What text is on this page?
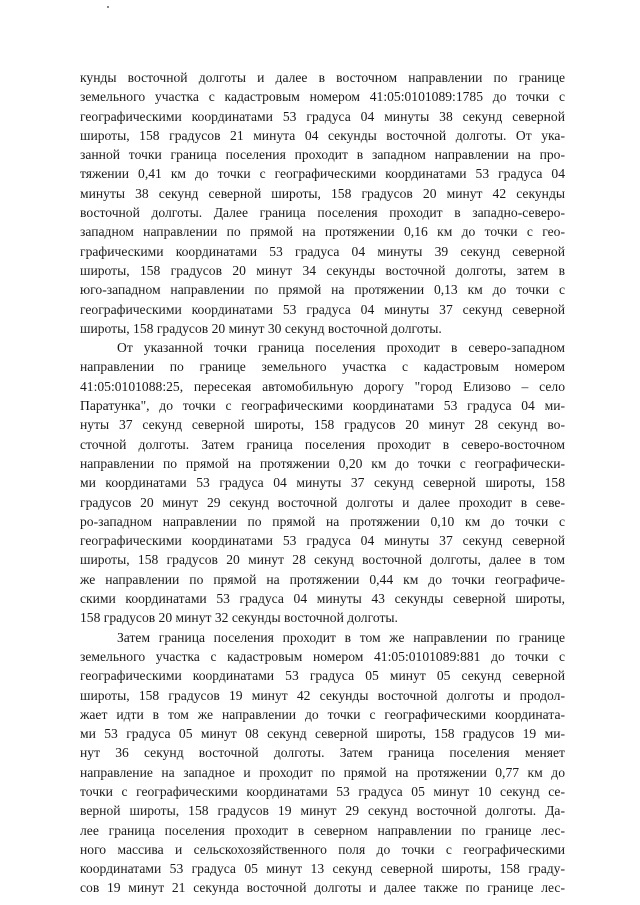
кунды восточной долготы и далее в восточном направлении по границе
земельного участка с кадастровым номером 41:05:0101089:1785 до точки с
географическими координатами 53 градуса 04 минуты 38 секунд северной
широты, 158 градусов 21 минута 04 секунды восточной долготы. От ука-
занной точки граница поселения проходит в западном направлении на про-
тяжении 0,41 км до точки с географическими координатами 53 градуса 04
минуты 38 секунд северной широты, 158 градусов 20 минут 42 секунды
восточной долготы. Далее граница поселения проходит в западно-северо-
западном направлении по прямой на протяжении 0,16 км до точки с гео-
графическими координатами 53 градуса 04 минуты 39 секунд северной
широты, 158 градусов 20 минут 34 секунды восточной долготы, затем в
юго-западном направлении по прямой на протяжении 0,13 км до точки с
географическими координатами 53 градуса 04 минуты 37 секунд северной
широты, 158 градусов 20 минут 30 секунд восточной долготы.

От указанной точки граница поселения проходит в северо-западном
направлении по границе земельного участка с кадастровым номером
41:05:0101088:25, пересекая автомобильную дорогу "город Елизово – село
Паратунка", до точки с географическими координатами 53 градуса 04 ми-
нуты 37 секунд северной широты, 158 градусов 20 минут 28 секунд во-
сточной долготы. Затем граница поселения проходит в северо-восточном
направлении по прямой на протяжении 0,20 км до точки с географически-
ми координатами 53 градуса 04 минуты 37 секунд северной широты, 158
градусов 20 минут 29 секунд восточной долготы и далее проходит в севе-
ро-западном направлении по прямой на протяжении 0,10 км до точки с
географическими координатами 53 градуса 04 минуты 37 секунд северной
широты, 158 градусов 20 минут 28 секунд восточной долготы, далее в том
же направлении по прямой на протяжении 0,44 км до точки географиче-
скими координатами 53 градуса 04 минуты 43 секунды северной широты,
158 градусов 20 минут 32 секунды восточной долготы.

Затем граница поселения проходит в том же направлении по границе
земельного участка с кадастровым номером 41:05:0101089:881 до точки с
географическими координатами 53 градуса 05 минут 05 секунд северной
широты, 158 градусов 19 минут 42 секунды восточной долготы и продол-
жает идти в том же направлении до точки с географическими координата-
ми 53 градуса 05 минут 08 секунд северной широты, 158 градусов 19 ми-
нут 36 секунд восточной долготы. Затем граница поселения меняет
направление на западное и проходит по прямой на протяжении 0,77 км до
точки с географическими координатами 53 градуса 05 минут 10 секунд се-
верной широты, 158 градусов 19 минут 29 секунд восточной долготы. Да-
лее граница поселения проходит в северном направлении по границе лес-
ного массива и сельскохозяйственного поля до точки с географическими
координатами 53 градуса 05 минут 13 секунд северной широты, 158 граду-
сов 19 минут 21 секунда восточной долготы и далее также по границе лес-
